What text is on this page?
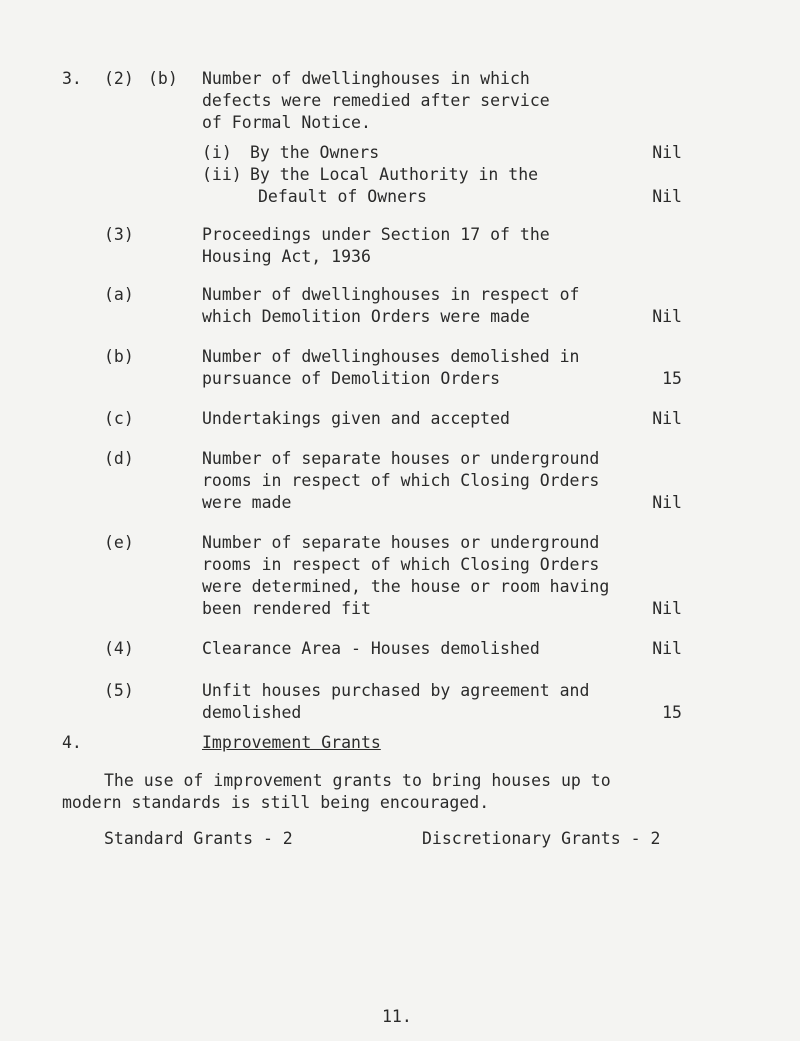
3. (2) (b) Number of dwellinghouses in which
defects were remedied after service
of Formal Notice.
(i) By the Owners	Nil
(ii) By the Local Authority in the
Default of Owners	Nil
(3)	Proceedings under Section 17 of the
Housing Act, 1936
(a)	Number of dwellinghouses in respect of
which Demolition Orders were made	Nil
(b)	Number of dwellinghouses demolished in
pursuance of Demolition Orders	15
(c)	Undertakings given and accepted	Nil
(d)	Number of separate houses or underground
rooms in respect of which Closing Orders
were made	Nil
(e)	Number of separate houses or underground
rooms in respect of which Closing Orders
were determined, the house or room having
been rendered fit	Nil
(4)	Clearance Area - Houses demolished	Nil
(5)	Unfit houses purchased by agreement and
demolished	15
4.	Improvement Grants
The use of improvement grants to bring houses up to
modern standards is still being encouraged.
Standard Grants - 2	Discretionary Grants - 2
11.
